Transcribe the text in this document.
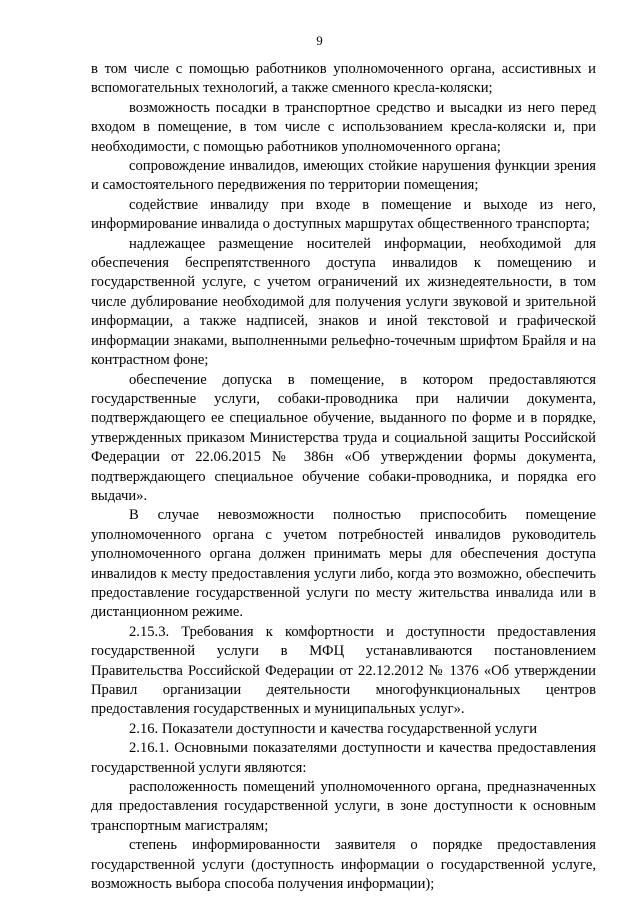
9

в том числе с помощью работников уполномоченного органа, ассистивных и вспомогательных технологий, а также сменного кресла-коляски;

возможность посадки в транспортное средство и высадки из него перед входом в помещение, в том числе с использованием кресла-коляски и, при необходимости, с помощью работников уполномоченного органа;

сопровождение инвалидов, имеющих стойкие нарушения функции зрения и самостоятельного передвижения по территории помещения;

содействие инвалиду при входе в помещение и выходе из него, информирование инвалида о доступных маршрутах общественного транспорта;

надлежащее размещение носителей информации, необходимой для обеспечения беспрепятственного доступа инвалидов к помещению и государственной услуге, с учетом ограничений их жизнедеятельности, в том числе дублирование необходимой для получения услуги звуковой и зрительной информации, а также надписей, знаков и иной текстовой и графической информации знаками, выполненными рельефно-точечным шрифтом Брайля и на контрастном фоне;

обеспечение допуска в помещение, в котором предоставляются государственные услуги, собаки-проводника при наличии документа, подтверждающего ее специальное обучение, выданного по форме и в порядке, утвержденных приказом Министерства труда и социальной защиты Российской Федерации от 22.06.2015 № 386н «Об утверждении формы документа, подтверждающего специальное обучение собаки-проводника, и порядка его выдачи».

В случае невозможности полностью приспособить помещение уполномоченного органа с учетом потребностей инвалидов руководитель уполномоченного органа должен принимать меры для обеспечения доступа инвалидов к месту предоставления услуги либо, когда это возможно, обеспечить предоставление государственной услуги по месту жительства инвалида или в дистанционном режиме.

2.15.3. Требования к комфортности и доступности предоставления государственной услуги в МФЦ устанавливаются постановлением Правительства Российской Федерации от 22.12.2012 № 1376 «Об утверждении Правил организации деятельности многофункциональных центров предоставления государственных и муниципальных услуг».

2.16. Показатели доступности и качества государственной услуги

2.16.1. Основными показателями доступности и качества предоставления государственной услуги являются:

расположенность помещений уполномоченного органа, предназначенных для предоставления государственной услуги, в зоне доступности к основным транспортным магистралям;

степень информированности заявителя о порядке предоставления государственной услуги (доступность информации о государственной услуге, возможность выбора способа получения информации);
